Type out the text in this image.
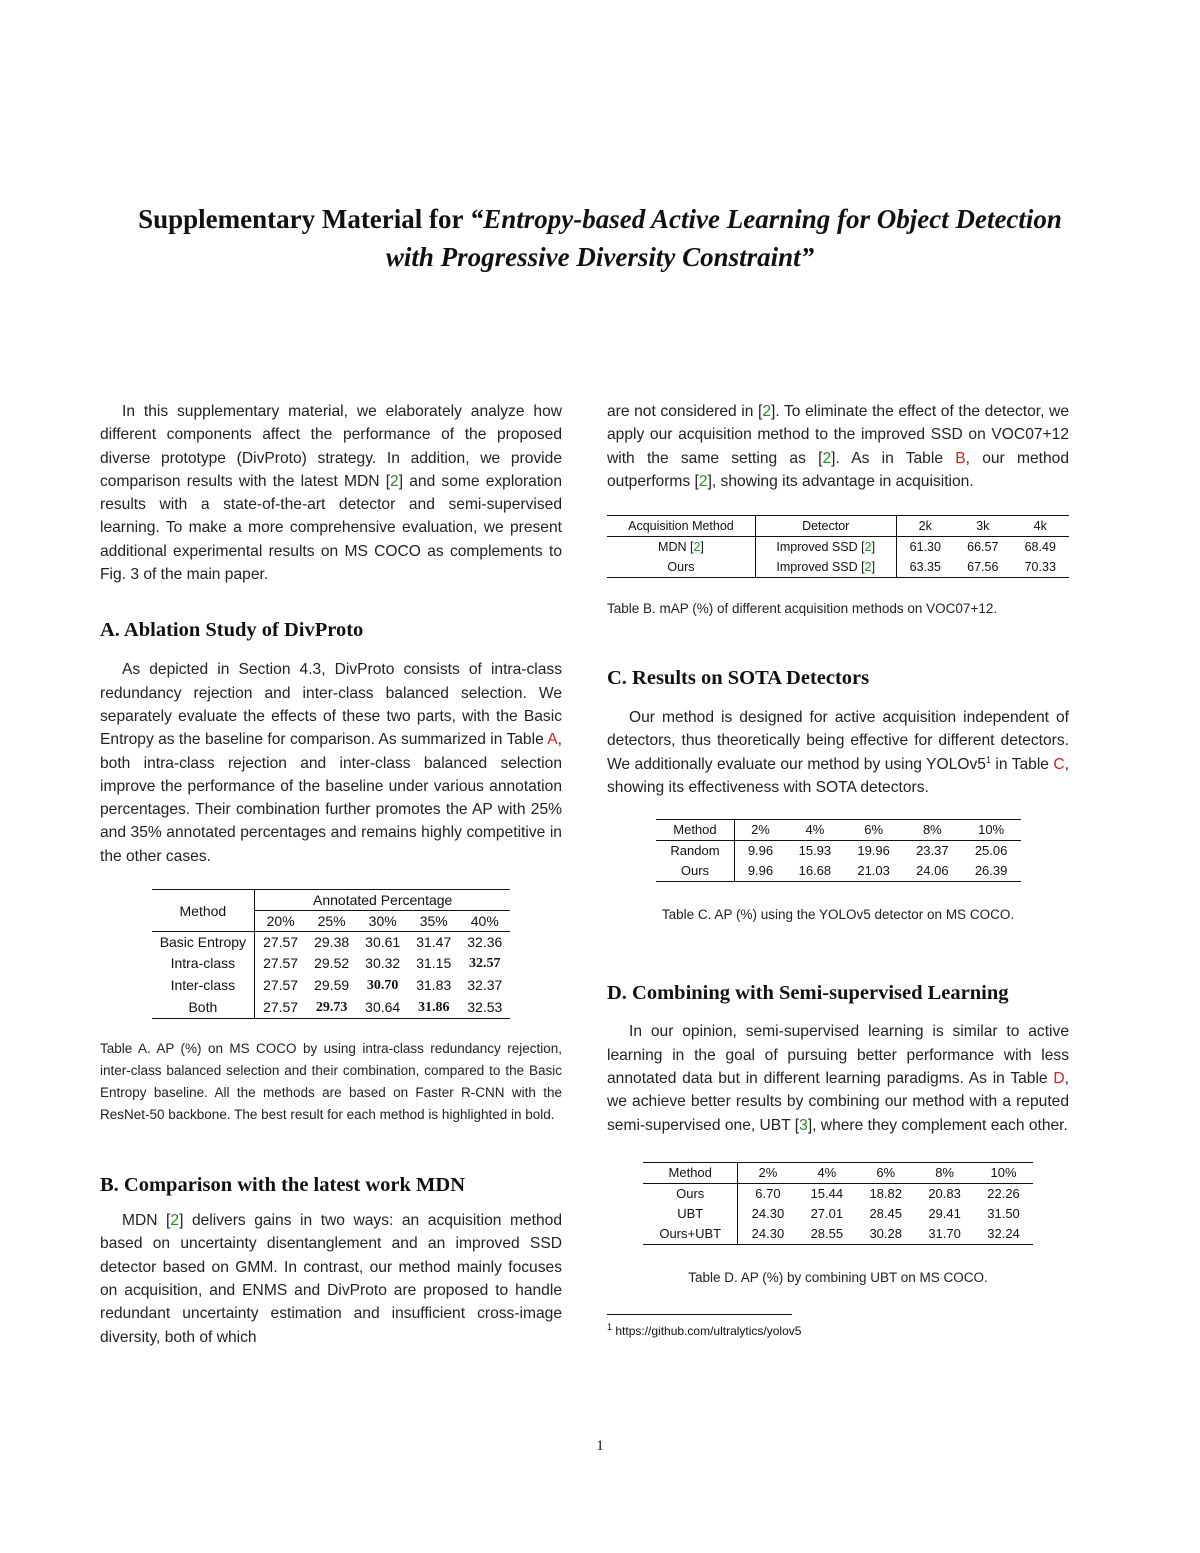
Supplementary Material for “Entropy-based Active Learning for Object Detection
with Progressive Diversity Constraint”

In this supplementary material, we elaborately analyze how different components affect the performance of the proposed diverse prototype (DivProto) strategy. In addition, we provide comparison results with the latest MDN [2] and some exploration results with a state-of-the-art detector and semi-supervised learning. To make a more comprehensive evaluation, we present additional experimental results on MS COCO as complements to Fig. 3 of the main paper.

A. Ablation Study of DivProto

As depicted in Section 4.3, DivProto consists of intra-class redundancy rejection and inter-class balanced selection. We separately evaluate the effects of these two parts, with the Basic Entropy as the baseline for comparison. As summarized in Table A, both intra-class rejection and inter-class balanced selection improve the performance of the baseline under various annotation percentages. Their combination further promotes the AP with 25% and 35% annotated percentages and remains highly competitive in the other cases.

Method	Annotated Percentage				
	20%	25%	30%	35%	40%
Basic Entropy	27.57	29.38	30.61	31.47	32.36
Intra-class	27.57	29.52	30.32	31.15	32.57
Inter-class	27.57	29.59	30.70	31.83	32.37
Both	27.57	29.73	30.64	31.86	32.53
Table A. AP (%) on MS COCO by using intra-class redundancy rejection, inter-class balanced selection and their combination, compared to the Basic Entropy baseline. All the methods are based on Faster R-CNN with the ResNet-50 backbone. The best result for each method is highlighted in bold.
B. Comparison with the latest work MDN

MDN [2] delivers gains in two ways: an acquisition method based on uncertainty disentanglement and an improved SSD detector based on GMM. In contrast, our method mainly focuses on acquisition, and ENMS and DivProto are proposed to handle redundant uncertainty estimation and insufficient cross-image diversity, both of which

are not considered in [2]. To eliminate the effect of the detector, we apply our acquisition method to the improved SSD on VOC07+12 with the same setting as [2]. As in Table B, our method outperforms [2], showing its advantage in acquisition.

Acquisition Method	Detector	2k	3k	4k
MDN [2]	Improved SSD [2]	61.30	66.57	68.49
Ours	Improved SSD [2]	63.35	67.56	70.33
Table B. mAP (%) of different acquisition methods on VOC07+12.
C. Results on SOTA Detectors

Our method is designed for active acquisition independent of detectors, thus theoretically being effective for different detectors. We additionally evaluate our method by using $YOLOv5^1$ in Table C, showing its effectiveness with SOTA detectors.

Method	2%	4%	6%	8%	10%
Random	9.96	15.93	19.96	23.37	25.06
Ours	9.96	16.68	21.03	24.06	26.39
Table C. AP (%) using the YOLOv5 detector on MS COCO.
D. Combining with Semi-supervised Learning

In our opinion, semi-supervised learning is similar to active learning in the goal of pursuing better performance with less annotated data but in different learning paradigms. As in Table D, we achieve better results by combining our method with a reputed semi-supervised one, UBT [3], where they complement each other.

Method	2%	4%	6%	8%	10%
Ours	6.70	15.44	18.82	20.83	22.26
UBT	24.30	27.01	28.45	29.41	31.50
Ours+UBT	24.30	28.55	30.28	31.70	32.24
Table D. AP (%) by combining UBT on MS COCO.
$^1$ https://github.com/ultralytics/yolov5
1
